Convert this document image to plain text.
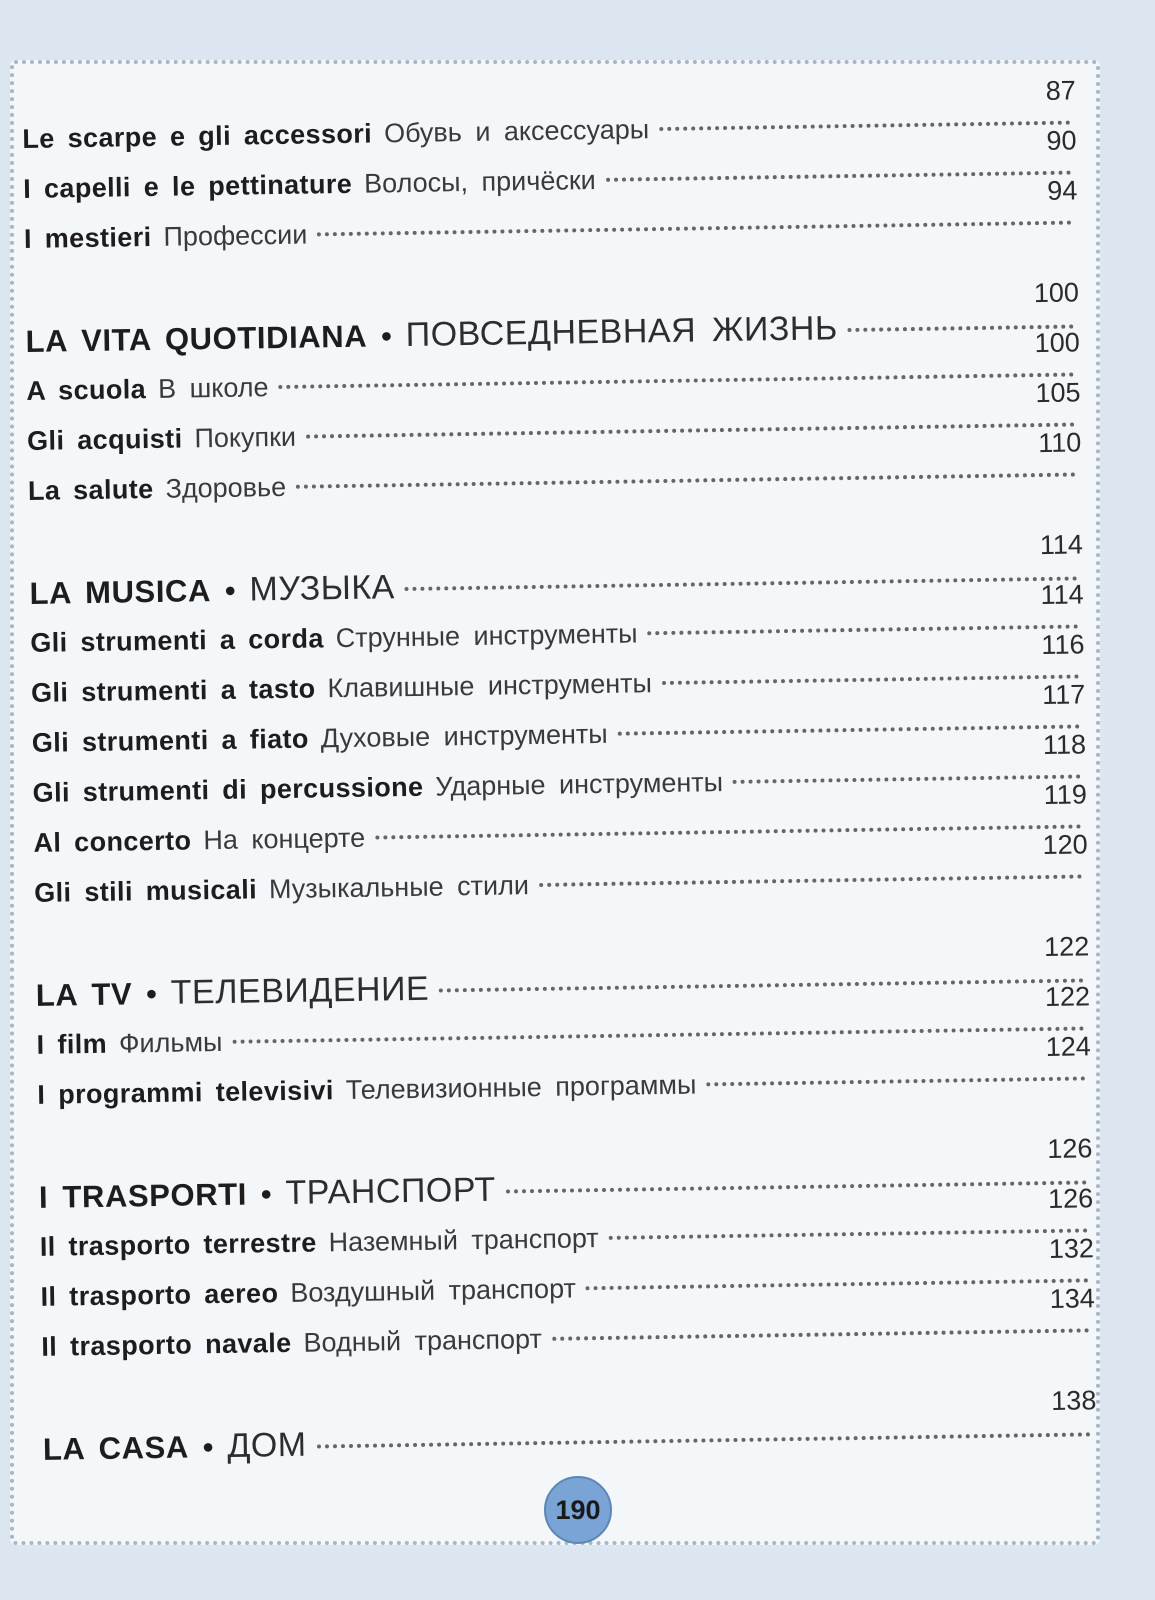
Le scarpe e gli accessori Обувь и аксессуары
87
I capelli e le pettinature Волосы, причёски
90
I mestieri Профессии
94
LA VITA QUOTIDIANA • ПОВСЕДНЕВНАЯ ЖИЗНЬ
100
A scuola В школе
100
Gli acquisti Покупки
105
La salute Здоровье
110
LA MUSICA • МУЗЫКА
114
Gli strumenti a corda Струнные инструменты
114
Gli strumenti a tasto Клавишные инструменты
116
Gli strumenti a fiato Духовые инструменты
117
Gli strumenti di percussione Ударные инструменты
118
Al concerto На концерте
119
Gli stili musicali Музыкальные стили
120
LA TV • ТЕЛЕВИДЕНИЕ
122
I film Фильмы
122
I programmi televisivi Телевизионные программы
124
I TRASPORTI • ТРАНСПОРТ
126
Il trasporto terrestre Наземный транспорт
126
Il trasporto aereo Воздушный транспорт
132
Il trasporto navale Водный транспорт
134
LA CASA • ДОМ
138
190
